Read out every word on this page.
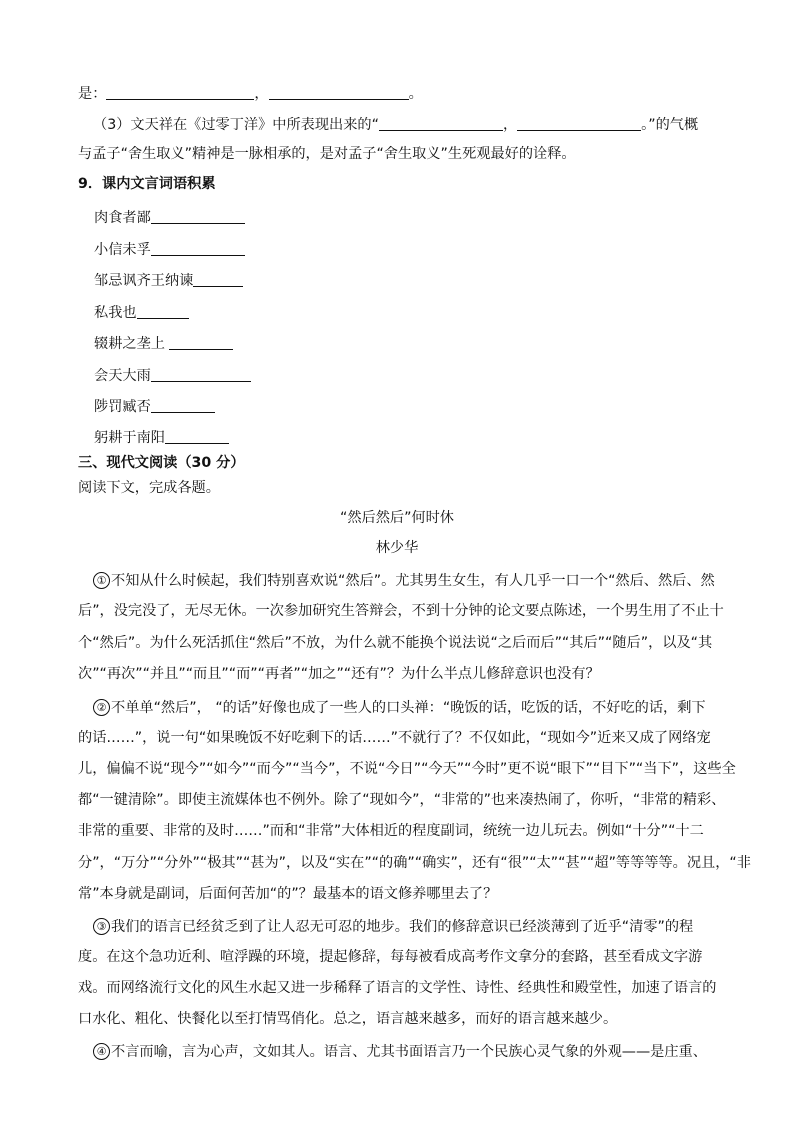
是：	，	。
（3）文天祥在《过零丁洋》中所表现出来的“	，	。”的气概
与孟子“舍生取义”精神是一脉相承的，是对孟子“舍生取义”生死观最好的诠释。
9．课内文言词语积累
肉食者鄙
小信未孚
邹忌讽齐王纳谏
私我也
辍耕之垄上
会天大雨
陟罚臧否
躬耕于南阳
三、现代文阅读（30 分）
阅读下文，完成各题。
“然后然后”何时休
林少华
① 不知从什么时候起，我们特别喜欢说“然后”。尤其男生女生，有人几乎一口一个“然后、然后、然
后”，没完没了，无尽无休。一次参加研究生答辩会，不到十分钟的论文要点陈述，一个男生用了不止十
个“然后”。为什么死活抓住“然后”不放，为什么就不能换个说法说“之后而后”“其后”“随后”，以及“其
次”“再次”“并且”“而且”“而”“再者”“加之”“还有”？为什么半点儿修辞意识也没有？
② 不单单“然后”， “的话”好像也成了一些人的口头禅：“晚饭的话，吃饭的话，不好吃的话，剩下
的话……”，说一句“如果晚饭不好吃剩下的话……”不就行了？不仅如此，“现如今”近来又成了网络宠
儿，偏偏不说“现今”“如今”“而今”“当今”，不说“今日”“今天”“今时”更不说“眼下”“目下”“当下”，这些全
都“一键清除”。即使主流媒体也不例外。除了“现如今”，“非常的”也来凑热闹了，你听，“非常的精彩、
非常的重要、非常的及时……”而和“非常”大体相近的程度副词，统统一边儿玩去。例如“十分”“十二
分”，“万分”“分外”“极其”“甚为”，以及“实在”“的确”“确实”，还有“很”“太”“甚”“超”等等等等。况且，“非
常”本身就是副词，后面何苦加“的”？最基本的语文修养哪里去了？
③ 我们的语言已经贫乏到了让人忍无可忍的地步。我们的修辞意识已经淡薄到了近乎“清零”的程
度。在这个急功近利、喧浮躁的环境，提起修辞，每每被看成高考作文拿分的套路，甚至看成文字游
戏。而网络流行文化的风生水起又进一步稀释了语言的文学性、诗性、经典性和殿堂性，加速了语言的
口水化、粗化、快餐化以至打情骂俏化。总之，语言越来越多，而好的语言越来越少。
④ 不言而喻，言为心声，文如其人。语言、尤其书面语言乃一个民族心灵气象的外观——是庄重、
